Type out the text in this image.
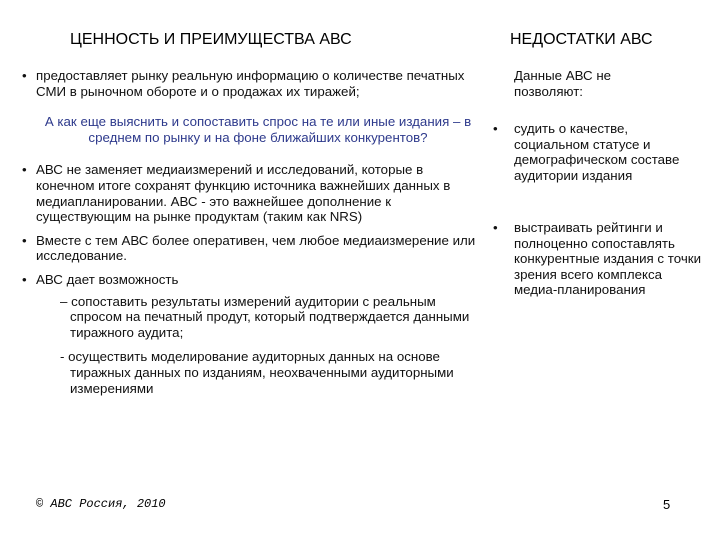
ЦЕННОСТЬ И ПРЕИМУЩЕСТВА АВС	НЕДОСТАТКИ АВС

• предоставляет рынку реальную информацию о количестве печатных СМИ в рыночном обороте и о продажах их тиражей;

А как еще выяснить и сопоставить спрос на те или иные издания – в среднем по рынку и на фоне ближайших конкурентов?

• АВС не заменяет медиаизмерений и исследований, которые в конечном итоге сохранят функцию источника важнейших данных в медиапланировании. АВС - это важнейшее дополнение к существующим на рынке продуктам (таким как NRS)

• Вместе с тем АВС более оперативен, чем любое медиаизмерение или исследование.

• АВС дает возможность

– сопоставить результаты измерений аудитории с реальным спросом на печатный продут, который подтверждается данными тиражного аудита;

- осуществить моделирование аудиторных данных на основе тиражных данных по изданиям, неохваченными аудиторными измерениями

Данные АВС не позволяют:
• судить о качестве, социальном статусе и демографическом составе аудитории издания
• выстраивать рейтинги и полноценно сопоставлять конкурентные издания с точки зрения всего комплекса медиа-планирования
© АВС Россия, 2010	5
